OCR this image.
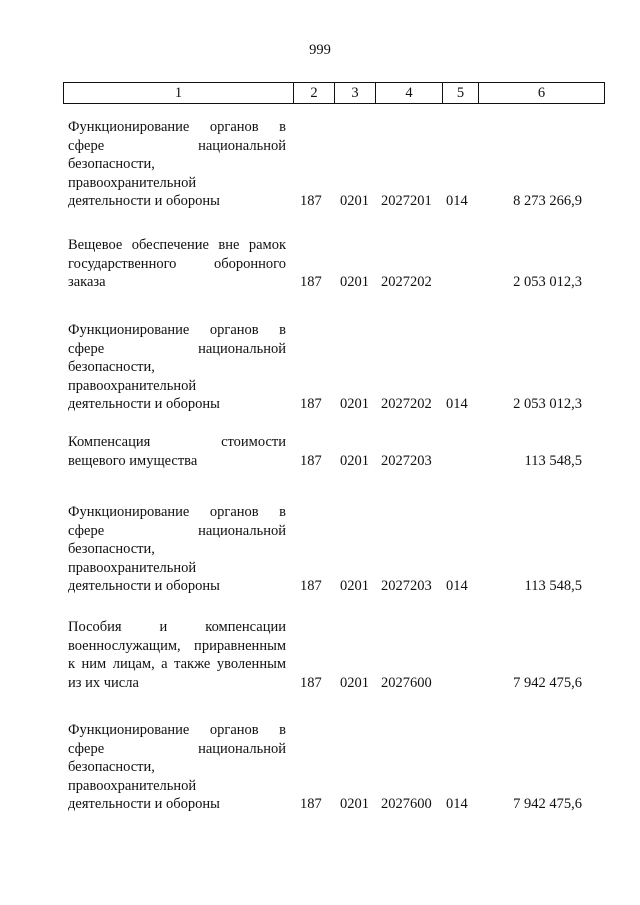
999
1	2	3	4	5	6
Функционирование органов в
сфере национальной
безопасности,
правоохранительной
деятельности и обороны	187	0201 2027201 014	8 273 266,9
Вещевое обеспечение вне рамок
государственного оборонного
заказа	187	0201 2027202	2 053 012,3
Функционирование органов в
сфере национальной
безопасности,
правоохранительной
деятельности и обороны	187	0201 2027202 014	2 053 012,3
Компенсация стоимости
вещевого имущества	187	0201 2027203	113 548,5
Функционирование органов в
сфере национальной
безопасности,
правоохранительной
деятельности и обороны	187	0201 2027203 014	113 548,5
Пособия и компенсации
военнослужащим, приравненным
к ним лицам, а также уволенным
из их числа	187	0201 2027600	7 942 475,6
Функционирование органов в
сфере национальной
безопасности,
правоохранительной
деятельности и обороны	187	0201 2027600 014	7 942 475,6
